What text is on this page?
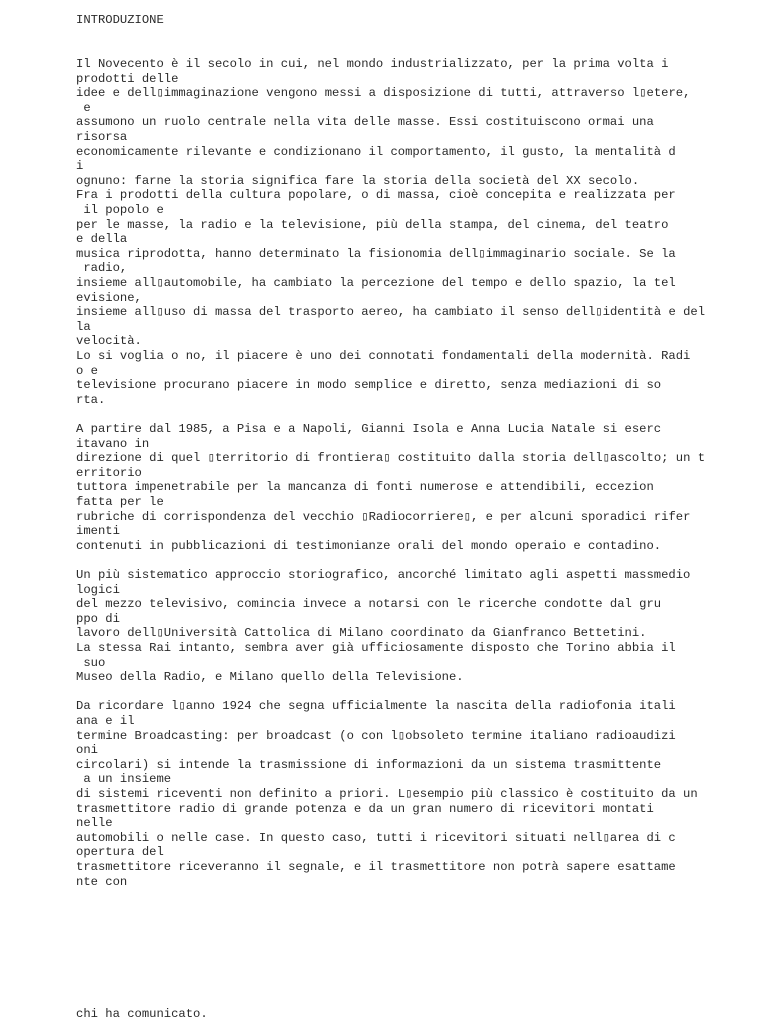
INTRODUZIONE
Il Novecento è il secolo in cui, nel mondo industrializzato, per la prima volta i
prodotti delle
idee e dell▯immaginazione vengono messi a disposizione di tutti, attraverso l▯etere,
e
assumono un ruolo centrale nella vita delle masse. Essi costituiscono ormai una
risorsa
economicamente rilevante e condizionano il comportamento, il gusto, la mentalità d
i
ognuno: farne la storia significa fare la storia della società del XX secolo.
Fra i prodotti della cultura popolare, o di massa, cioè concepita e realizzata per
il popolo e
per le masse, la radio e la televisione, più della stampa, del cinema, del teatro
e della
musica riprodotta, hanno determinato la fisionomia dell▯immaginario sociale. Se la
radio,
insieme all▯automobile, ha cambiato la percezione del tempo e dello spazio, la tel
evisione,
insieme all▯uso di massa del trasporto aereo, ha cambiato il senso dell▯identità e del
la
velocità.
Lo si voglia o no, il piacere è uno dei connotati fondamentali della modernità. Radi
o e
televisione procurano piacere in modo semplice e diretto, senza mediazioni di so
rta.
A partire dal 1985, a Pisa e a Napoli, Gianni Isola e Anna Lucia Natale si eserc
itavano in
direzione di quel ▯territorio di frontiera▯ costituito dalla storia dell▯ascolto; un t
erritorio
tuttora impenetrabile per la mancanza di fonti numerose e attendibili, eccezion
fatta per le
rubriche di corrispondenza del vecchio ▯Radiocorriere▯, e per alcuni sporadici rifer
imenti
contenuti in pubblicazioni di testimonianze orali del mondo operaio e contadino.
Un più sistematico approccio storiografico, ancorché limitato agli aspetti massmedio
logici
del mezzo televisivo, comincia invece a notarsi con le ricerche condotte dal gru
ppo di
lavoro dell▯Università Cattolica di Milano coordinato da Gianfranco Bettetini.
La stessa Rai intanto, sembra aver già ufficiosamente disposto che Torino abbia il
suo
Museo della Radio, e Milano quello della Televisione.
Da ricordare l▯anno 1924 che segna ufficialmente la nascita della radiofonia itali
ana e il
termine Broadcasting: per broadcast (o con l▯obsoleto termine italiano radioaudizi
oni
circolari) si intende la trasmissione di informazioni da un sistema trasmittente
a un insieme
di sistemi riceventi non definito a priori. L▯esempio più classico è costituito da un
trasmettitore radio di grande potenza e da un gran numero di ricevitori montati
nelle
automobili o nelle case. In questo caso, tutti i ricevitori situati nell▯area di c
opertura del
trasmettitore riceveranno il segnale, e il trasmettitore non potrà sapere esattame
nte con
chi ha comunicato.
